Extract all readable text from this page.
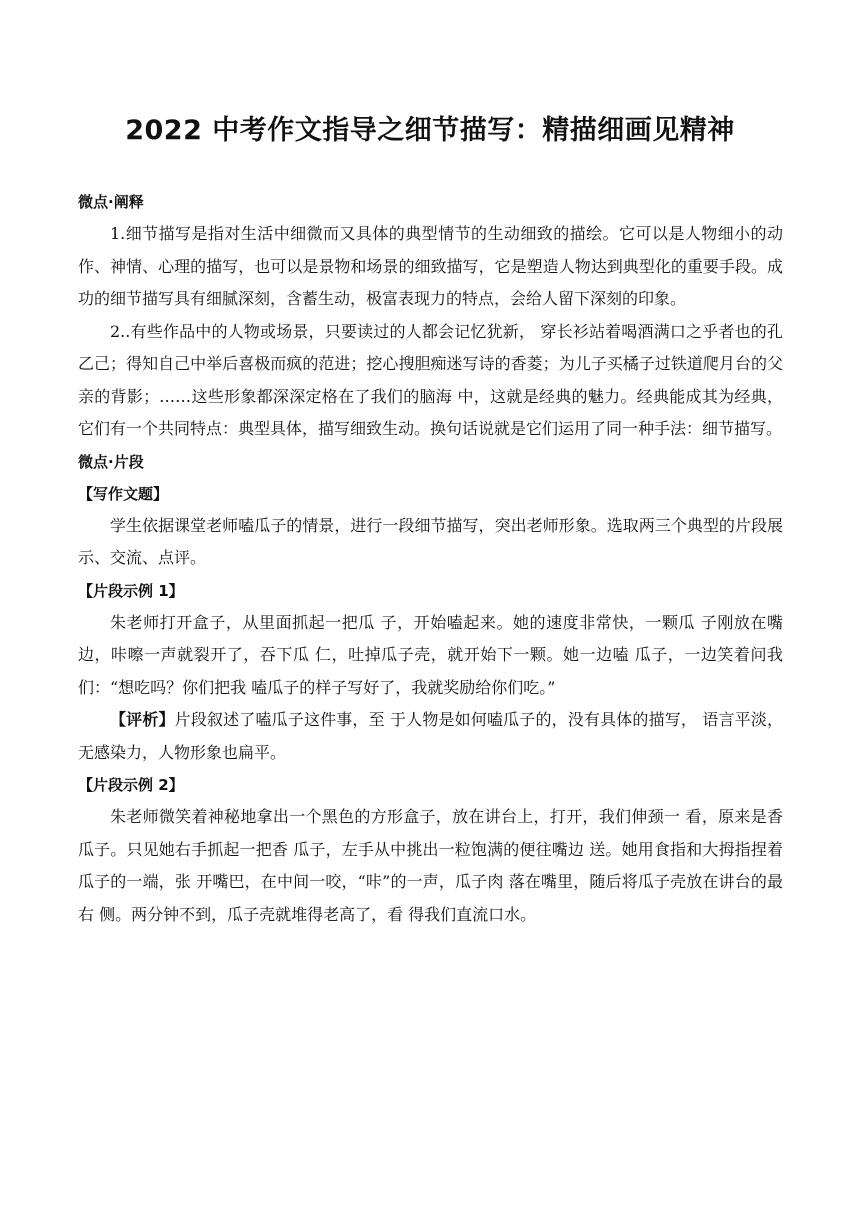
2022 中考作文指导之细节描写：精描细画见精神

微点·阐释

1.细节描写是指对生活中细微而又具体的典型情节的生动细致的描绘。它可以是人物细小的动作、神情、心理的描写，也可以是景物和场景的细致描写，它是塑造人物达到典型化的重要手段。成功的细节描写具有细腻深刻，含蓄生动，极富表现力的特点，会给人留下深刻的印象。

2..有些作品中的人物或场景，只要读过的人都会记忆犹新， 穿长衫站着喝酒满口之乎者也的孔乙己；得知自己中举后喜极而疯的范进；挖心搜胆痴迷写诗的香菱；为儿子买橘子过铁道爬月台的父亲的背影；……这些形象都深深定格在了我们的脑海 中，这就是经典的魅力。经典能成其为经典，它们有一个共同特点：典型具体，描写细致生动。换句话说就是它们运用了同一种手法：细节描写。

微点·片段

【写作文题】

学生依据课堂老师嗑瓜子的情景，进行一段细节描写，突出老师形象。选取两三个典型的片段展示、交流、点评。

【片段示例 1】

朱老师打开盒子，从里面抓起一把瓜 子，开始嗑起来。她的速度非常快，一颗瓜 子刚放在嘴边，咔嚓一声就裂开了，吞下瓜 仁，吐掉瓜子壳，就开始下一颗。她一边嗑 瓜子，一边笑着问我们：“想吃吗？你们把我 嗑瓜子的样子写好了，我就奖励给你们吃。”

【评析】片段叙述了嗑瓜子这件事，至 于人物是如何嗑瓜子的，没有具体的描写， 语言平淡，无感染力，人物形象也扁平。

【片段示例 2】

朱老师微笑着神秘地拿出一个黑色的方形盒子，放在讲台上，打开，我们伸颈一 看，原来是香瓜子。只见她右手抓起一把香 瓜子，左手从中挑出一粒饱满的便往嘴边 送。她用食指和大拇指捏着瓜子的一端，张 开嘴巴，在中间一咬，“咔”的一声，瓜子肉 落在嘴里，随后将瓜子壳放在讲台的最右 侧。两分钟不到，瓜子壳就堆得老高了，看 得我们直流口水。
